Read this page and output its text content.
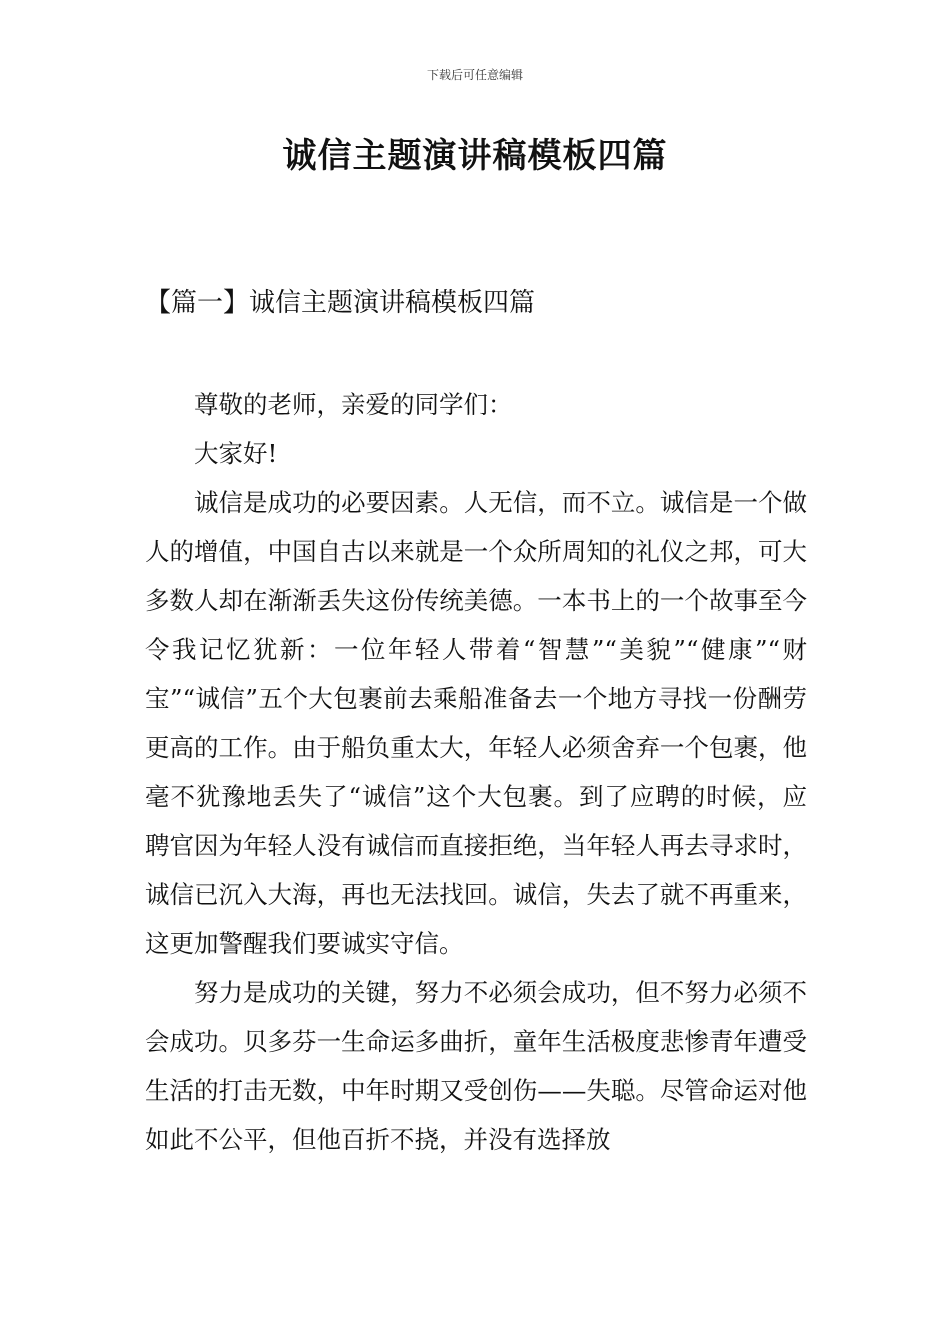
下载后可任意编辑
诚信主题演讲稿模板四篇
【篇一】诚信主题演讲稿模板四篇

尊敬的老师，亲爱的同学们：

大家好!

诚信是成功的必要因素。人无信，而不立。诚信是一个做人的增值，中国自古以来就是一个众所周知的礼仪之邦，可大多数人却在渐渐丢失这份传统美德。一本书上的一个故事至今令我记忆犹新：一位年轻人带着“智慧”“美貌”“健康”“财宝”“诚信”五个大包裹前去乘船准备去一个地方寻找一份酬劳更高的工作。由于船负重太大，年轻人必须舍弃一个包裹，他毫不犹豫地丢失了“诚信”这个大包裹。到了应聘的时候，应聘官因为年轻人没有诚信而直接拒绝，当年轻人再去寻求时，诚信已沉入大海，再也无法找回。诚信，失去了就不再重来，这更加警醒我们要诚实守信。

努力是成功的关键，努力不必须会成功，但不努力必须不会成功。贝多芬一生命运多曲折，童年生活极度悲惨青年遭受生活的打击无数，中年时期又受创伤——失聪。尽管命运对他如此不公平，但他百折不挠，并没有选择放
